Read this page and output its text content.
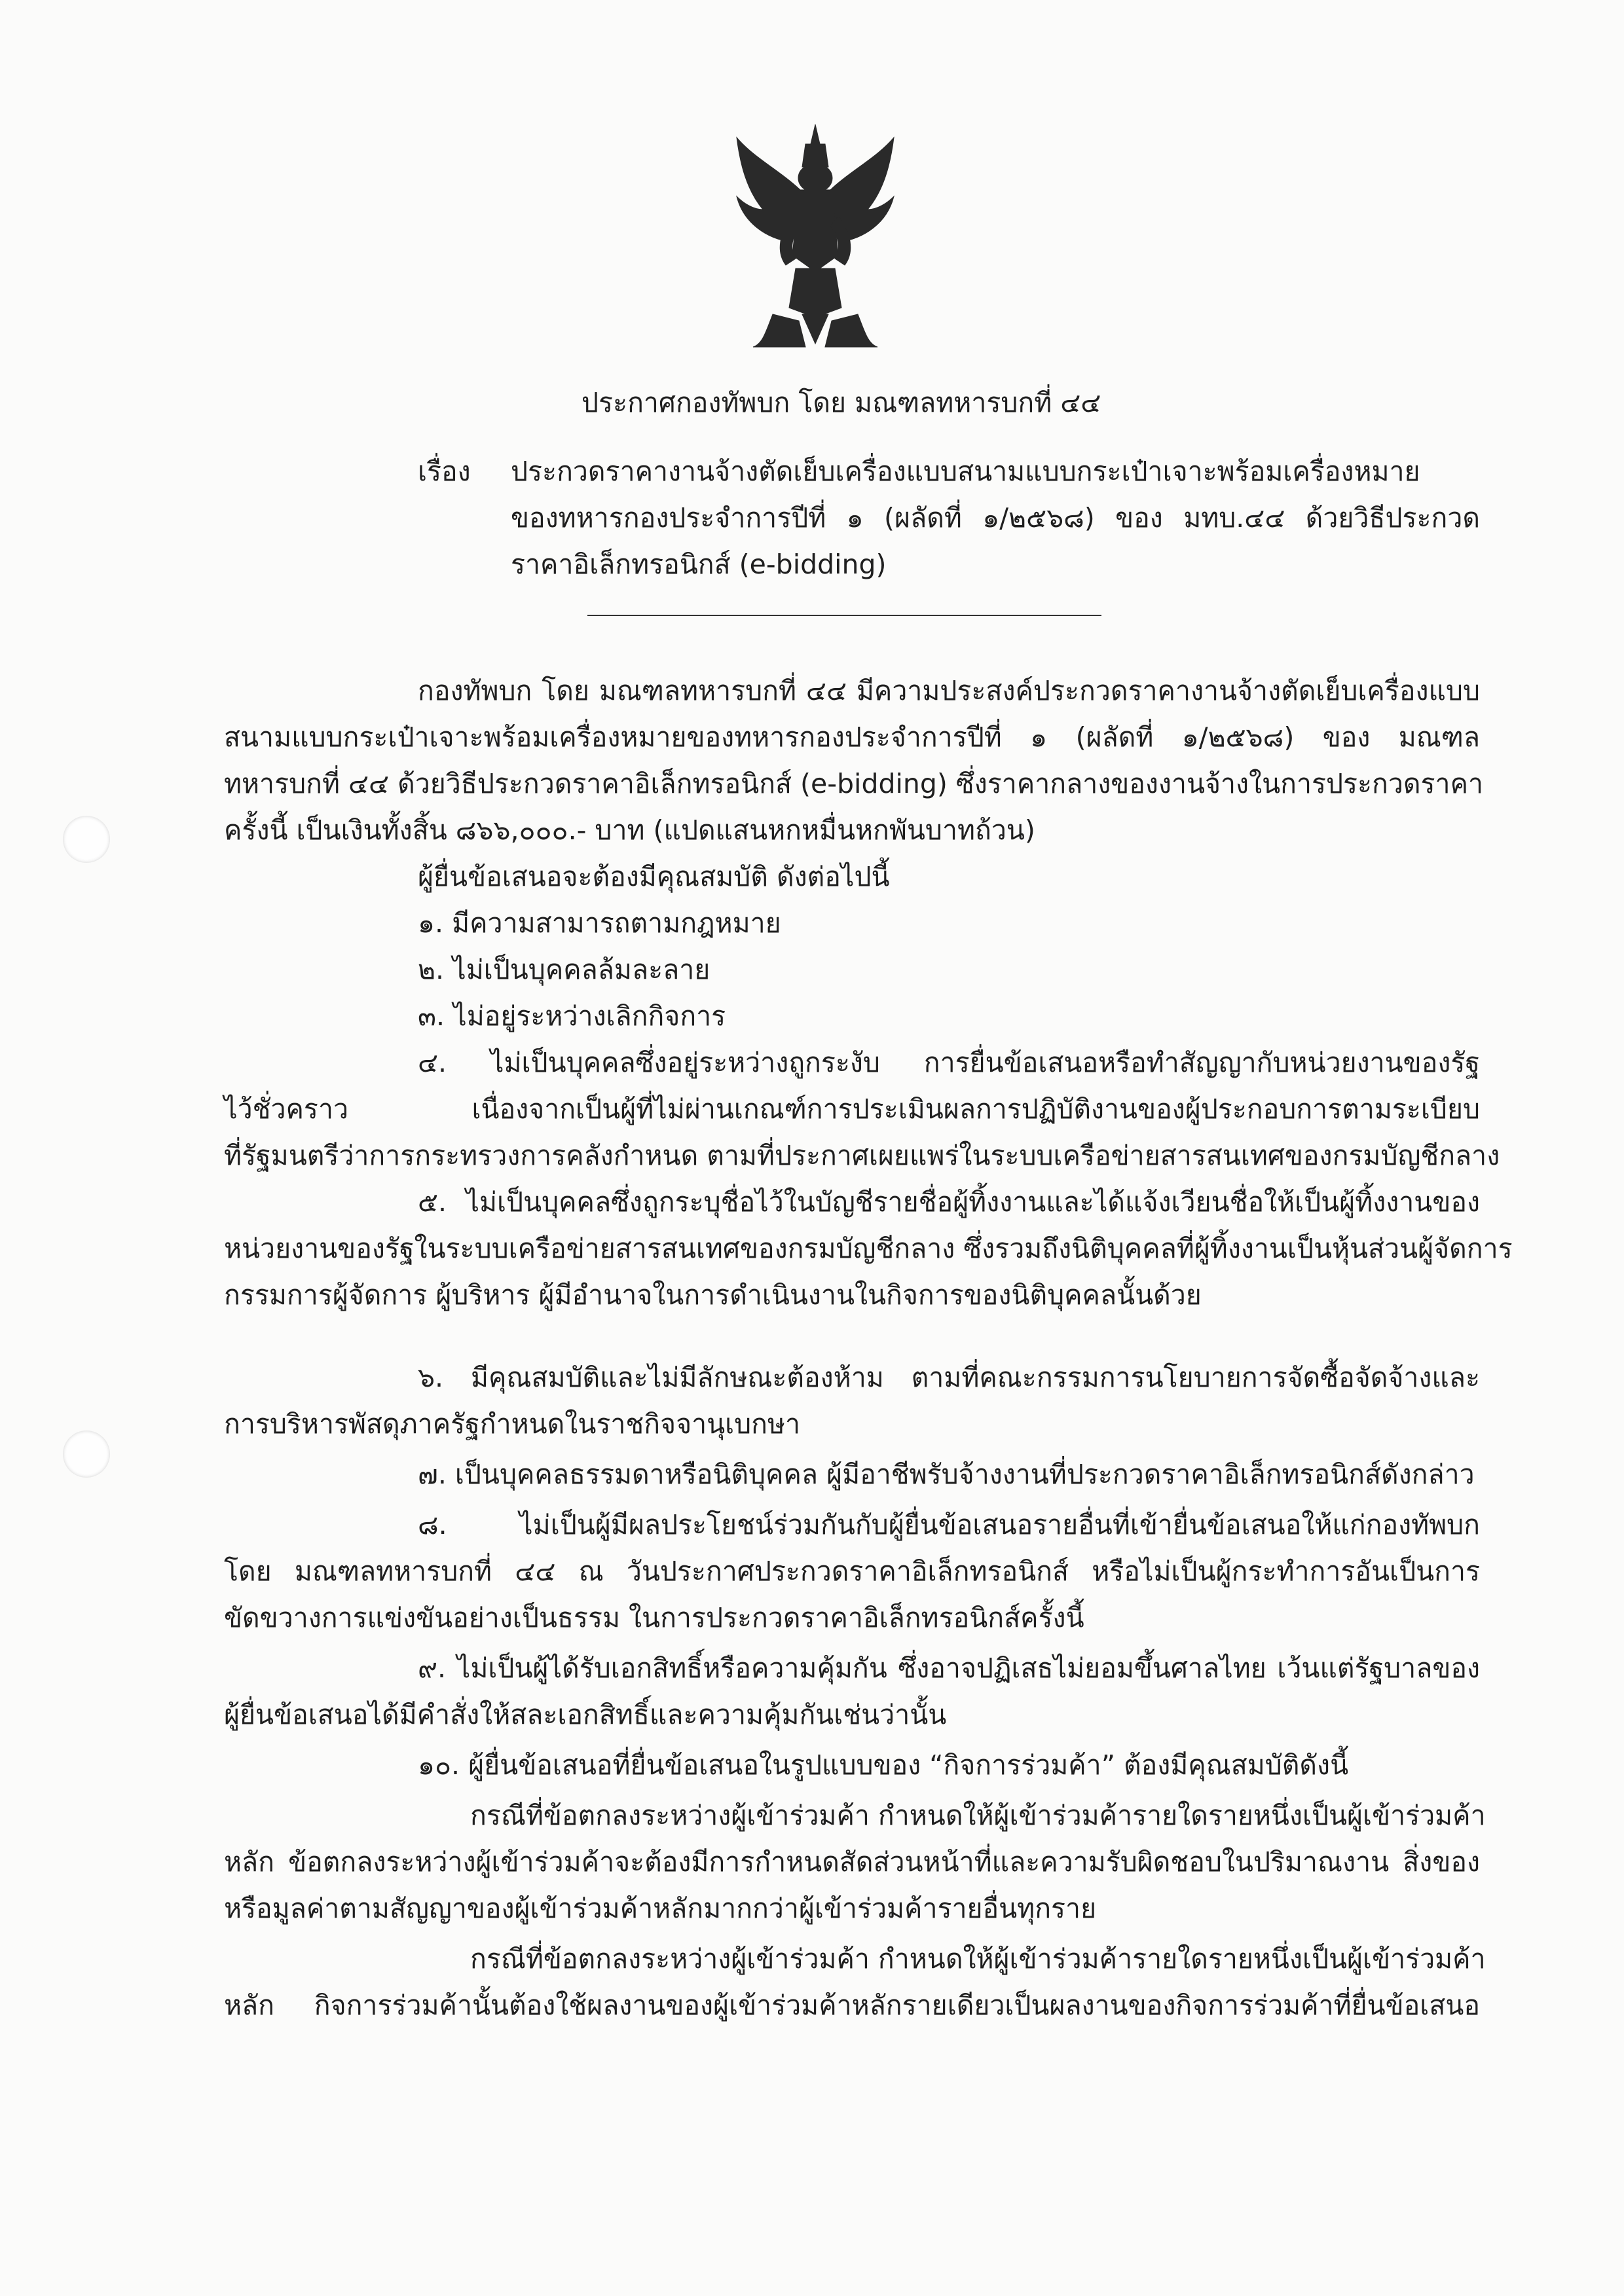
ประกาศกองทัพบก โดย มณฑลทหารบกที่ ๔๔
เรื่อง ประกวดราคางานจ้างตัดเย็บเครื่องแบบสนามแบบกระเป๋าเจาะพร้อมเครื่องหมาย
ของทหารกองประจำการปีที่ ๑ (ผลัดที่ ๑/๒๕๖๘) ของ มทบ.๔๔ ด้วยวิธีประกวด
ราคาอิเล็กทรอนิกส์ (e-bidding)
กองทัพบก โดย มณฑลทหารบกที่ ๔๔ มีความประสงค์ประกวดราคางานจ้างตัดเย็บเครื่องแบบ
สนามแบบกระเป๋าเจาะพร้อมเครื่องหมายของทหารกองประจำการปีที่ ๑ (ผลัดที่ ๑/๒๕๖๘) ของ มณฑล
ทหารบกที่ ๔๔ ด้วยวิธีประกวดราคาอิเล็กทรอนิกส์ (e-bidding) ซึ่งราคากลางของงานจ้างในการประกวดราคา
ครั้งนี้ เป็นเงินทั้งสิ้น ๘๖๖,๐๐๐.- บาท (แปดแสนหกหมื่นหกพันบาทถ้วน)
ผู้ยื่นข้อเสนอจะต้องมีคุณสมบัติ ดังต่อไปนี้
๑. มีความสามารถตามกฎหมาย
๒. ไม่เป็นบุคคลล้มละลาย
๓. ไม่อยู่ระหว่างเลิกกิจการ
๔. ไม่เป็นบุคคลซึ่งอยู่ระหว่างถูกระงับ การยื่นข้อเสนอหรือทำสัญญากับหน่วยงานของรัฐ
ไว้ชั่วคราว เนื่องจากเป็นผู้ที่ไม่ผ่านเกณฑ์การประเมินผลการปฏิบัติงานของผู้ประกอบการตามระเบียบ
ที่รัฐมนตรีว่าการกระทรวงการคลังกำหนด ตามที่ประกาศเผยแพร่ในระบบเครือข่ายสารสนเทศของกรมบัญชีกลาง
๕. ไม่เป็นบุคคลซึ่งถูกระบุชื่อไว้ในบัญชีรายชื่อผู้ทิ้งงานและได้แจ้งเวียนชื่อให้เป็นผู้ทิ้งงานของ
หน่วยงานของรัฐในระบบเครือข่ายสารสนเทศของกรมบัญชีกลาง ซึ่งรวมถึงนิติบุคคลที่ผู้ทิ้งงานเป็นหุ้นส่วนผู้จัดการ
กรรมการผู้จัดการ ผู้บริหาร ผู้มีอำนาจในการดำเนินงานในกิจการของนิติบุคคลนั้นด้วย
๖. มีคุณสมบัติและไม่มีลักษณะต้องห้าม ตามที่คณะกรรมการนโยบายการจัดซื้อจัดจ้างและ
การบริหารพัสดุภาครัฐกำหนดในราชกิจจานุเบกษา
๗. เป็นบุคคลธรรมดาหรือนิติบุคคล ผู้มีอาชีพรับจ้างงานที่ประกวดราคาอิเล็กทรอนิกส์ดังกล่าว
๘. ไม่เป็นผู้มีผลประโยชน์ร่วมกันกับผู้ยื่นข้อเสนอรายอื่นที่เข้ายื่นข้อเสนอให้แก่กองทัพบก
โดย มณฑลทหารบกที่ ๔๔ ณ วันประกาศประกวดราคาอิเล็กทรอนิกส์ หรือไม่เป็นผู้กระทำการอันเป็นการ
ขัดขวางการแข่งขันอย่างเป็นธรรม ในการประกวดราคาอิเล็กทรอนิกส์ครั้งนี้
๙. ไม่เป็นผู้ได้รับเอกสิทธิ์หรือความคุ้มกัน ซึ่งอาจปฏิเสธไม่ยอมขึ้นศาลไทย เว้นแต่รัฐบาลของ
ผู้ยื่นข้อเสนอได้มีคำสั่งให้สละเอกสิทธิ์และความคุ้มกันเช่นว่านั้น
๑๐. ผู้ยื่นข้อเสนอที่ยื่นข้อเสนอในรูปแบบของ “กิจการร่วมค้า” ต้องมีคุณสมบัติดังนี้
กรณีที่ข้อตกลงระหว่างผู้เข้าร่วมค้า กำหนดให้ผู้เข้าร่วมค้ารายใดรายหนึ่งเป็นผู้เข้าร่วมค้า
หลัก ข้อตกลงระหว่างผู้เข้าร่วมค้าจะต้องมีการกำหนดสัดส่วนหน้าที่และความรับผิดชอบในปริมาณงาน สิ่งของ
หรือมูลค่าตามสัญญาของผู้เข้าร่วมค้าหลักมากกว่าผู้เข้าร่วมค้ารายอื่นทุกราย
กรณีที่ข้อตกลงระหว่างผู้เข้าร่วมค้า กำหนดให้ผู้เข้าร่วมค้ารายใดรายหนึ่งเป็นผู้เข้าร่วมค้า
หลัก กิจการร่วมค้านั้นต้องใช้ผลงานของผู้เข้าร่วมค้าหลักรายเดียวเป็นผลงานของกิจการร่วมค้าที่ยื่นข้อเสนอ
